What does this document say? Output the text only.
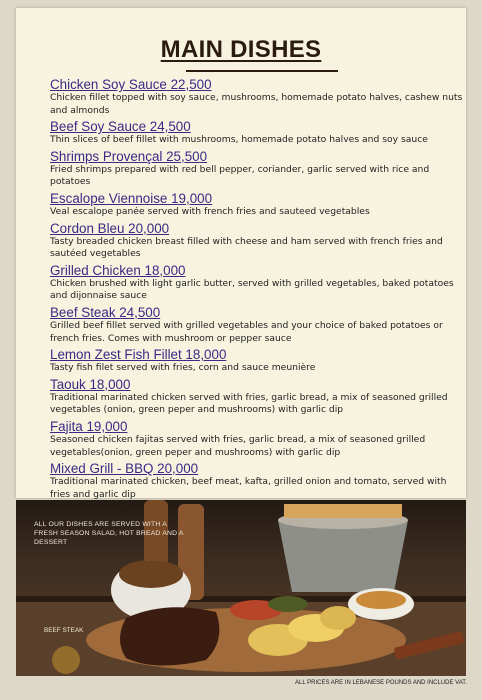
MAIN DISHES
Chicken Soy Sauce 22,500
Chicken fillet topped with soy sauce, mushrooms, homemade potato halves, cashew nuts and almonds
Beef Soy Sauce 24,500
Thin slices of beef fillet with mushrooms, homemade potato halves and soy sauce
Shrimps Provençal 25,500
Fried shrimps prepared with red bell pepper, coriander, garlic served with rice and potatoes
Escalope Viennoise 19,000
Veal escalope panée served with french fries and sauteed vegetables
Cordon Bleu 20,000
Tasty breaded chicken breast filled with cheese and ham served with french fries and sautéed vegetables
Grilled Chicken 18,000
Chicken brushed with light garlic butter, served with grilled vegetables, baked potatoes and dijonnaise sauce
Beef Steak 24,500
Grilled beef fillet served with grilled vegetables and your choice of baked potatoes or french fries. Comes with mushroom or pepper sauce
Lemon Zest Fish Fillet 18,000
Tasty fish filet served with fries, corn and sauce meunière
Taouk 18,000
Traditional marinated chicken served with fries, garlic bread, a mix of seasoned grilled vegetables (onion, green peper and mushrooms) with garlic dip
Fajita 19,000
Seasoned chicken fajitas served with fries, garlic bread, a mix of seasoned grilled vegetables(onion, green peper and mushrooms) with garlic dip
Mixed Grill - BBQ 20,000
Traditional marinated chicken, beef meat, kafta, grilled onion and tomato, served with fries and garlic dip
ALL OUR DISHES ARE SERVED WITH A FRESH SEASON SALAD, HOT BREAD AND A DESSERT
BEEF STEAK
ALL PRICES ARE IN LEBANESE POUNDS AND INCLUDE VAT.
